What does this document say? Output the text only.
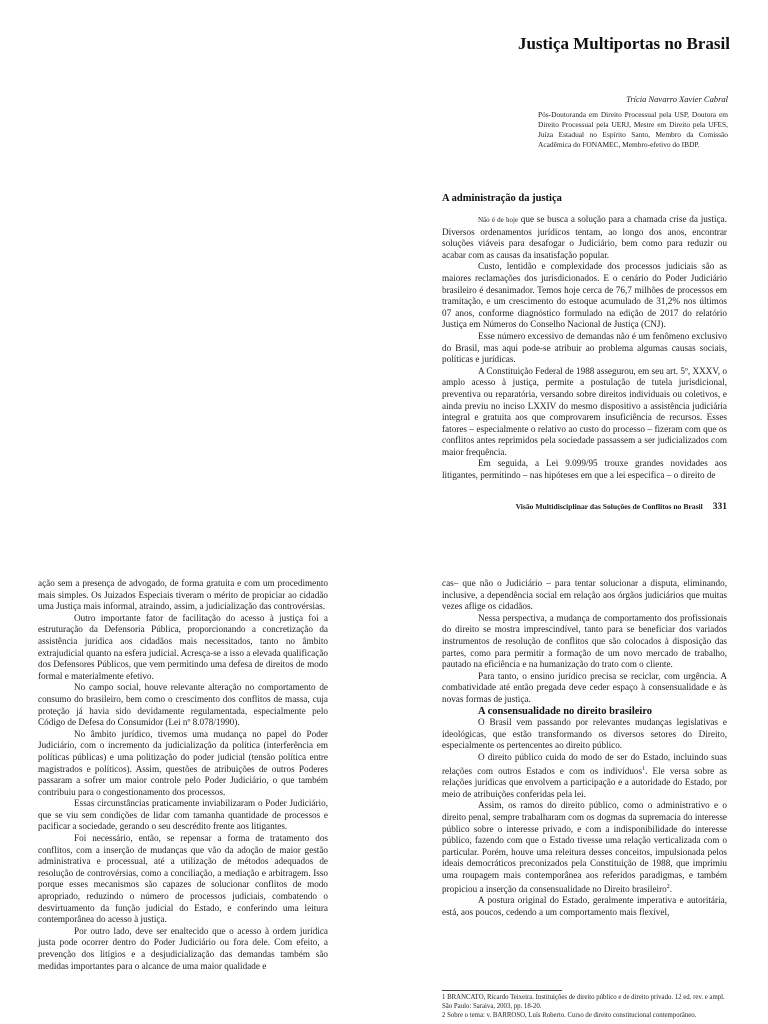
Justiça Multiportas no Brasil
Trícia Navarro Xavier Cabral
Pós-Doutoranda em Direito Processual pela USP, Doutora em Direito Processual pela UERJ, Mestre em Direito pela UFES, Juíza Estadual no Espírito Santo, Membro da Comissão Acadêmica do FONAMEC, Membro-efetivo do IBDP.
A administração da justiça

Não é de hoje que se busca a solução para a chamada crise da justiça. Diversos ordenamentos jurídicos tentam, ao longo dos anos, encontrar soluções viáveis para desafogar o Judiciário, bem como para reduzir ou acabar com as causas da insatisfação popular.

Custo, lentidão e complexidade dos processos judiciais são as maiores reclamações dos jurisdicionados. E o cenário do Poder Judiciário brasileiro é desanimador. Temos hoje cerca de 76,7 milhões de processos em tramitação, e um crescimento do estoque acumulado de 31,2% nos últimos 07 anos, conforme diagnóstico formulado na edição de 2017 do relatório Justiça em Números do Conselho Nacional de Justiça (CNJ).

Esse número excessivo de demandas não é um fenômeno exclusivo do Brasil, mas aqui pode-se atribuir ao problema algumas causas sociais, políticas e jurídicas.

A Constituição Federal de 1988 assegurou, em seu art. 5º, XXXV, o amplo acesso à justiça, permite a postulação de tutela jurisdicional, preventiva ou reparatória, versando sobre direitos individuais ou coletivos, e ainda previu no inciso LXXIV do mesmo dispositivo a assistência judiciária integral e gratuita aos que comprovarem insuficiência de recursos. Esses fatores – especialmente o relativo ao custo do processo – fizeram com que os conflitos antes reprimidos pela sociedade passassem a ser judicializados com maior frequência.

Em seguida, a Lei 9.099/95 trouxe grandes novidades aos litigantes, permitindo – nas hipóteses em que a lei especifica – o direito de

Visão Multidisciplinar das Soluções de Conflitos no Brasil 331

ação sem a presença de advogado, de forma gratuita e com um procedimento mais simples. Os Juizados Especiais tiveram o mérito de propiciar ao cidadão uma Justiça mais informal, atraindo, assim, a judicialização das controvérsias.

Outro importante fator de facilitação do acesso à justiça foi a estruturação da Defensoria Pública, proporcionando a concretização da assistência jurídica aos cidadãos mais necessitados, tanto no âmbito extrajudicial quanto na esfera judicial. Acresça-se a isso a elevada qualificação dos Defensores Públicos, que vem permitindo uma defesa de direitos de modo formal e materialmente efetivo.

No campo social, houve relevante alteração no comportamento de consumo do brasileiro, bem como o crescimento dos conflitos de massa, cuja proteção já havia sido devidamente regulamentada, especialmente pelo Código de Defesa do Consumidor (Lei nº 8.078/1990).

No âmbito jurídico, tivemos uma mudança no papel do Poder Judiciário, com o incremento da judicialização da política (interferência em políticas públicas) e uma politização do poder judicial (tensão política entre magistrados e políticos). Assim, questões de atribuições de outros Poderes passaram a sofrer um maior controle pelo Poder Judiciário, o que também contribuiu para o congestionamento dos processos.

Essas circunstâncias praticamente inviabilizaram o Poder Judiciário, que se viu sem condições de lidar com tamanha quantidade de processos e pacificar a sociedade, gerando o seu descrédito frente aos litigantes.

Foi necessário, então, se repensar a forma de tratamento dos conflitos, com a inserção de mudanças que vão da adoção de maior gestão administrativa e processual, até a utilização de métodos adequados de resolução de controvérsias, como a conciliação, a mediação e arbitragem. Isso porque esses mecanismos são capazes de solucionar conflitos de modo apropriado, reduzindo o número de processos judiciais, combatendo o desvirtuamento da função judicial do Estado, e conferindo uma leitura contemporânea do acesso à justiça.

Por outro lado, deve ser enaltecido que o acesso à ordem jurídica justa pode ocorrer dentro do Poder Judiciário ou fora dele. Com efeito, a prevenção dos litígios e a desjudicialização das demandas também são medidas importantes para o alcance de uma maior qualidade e

cas– que não o Judiciário – para tentar solucionar a disputa, eliminando, inclusive, a dependência social em relação aos órgãos judiciários que muitas vezes aflige os cidadãos.

Nessa perspectiva, a mudança de comportamento dos profissionais do direito se mostra imprescindível, tanto para se beneficiar dos variados instrumentos de resolução de conflitos que são colocados à disposição das partes, como para permitir a formação de um novo mercado de trabalho, pautado na eficiência e na humanização do trato com o cliente.

Para tanto, o ensino jurídico precisa se reciclar, com urgência. A combatividade até então pregada deve ceder espaço à consensualidade e às novas formas de justiça.

A consensualidade no direito brasileiro

O Brasil vem passando por relevantes mudanças legislativas e ideológicas, que estão transformando os diversos setores do Direito, especialmente os pertencentes ao direito público.

O direito público cuida do modo de ser do Estado, incluindo suas relações com outros Estados e com os indivíduos$^1$. Ele versa sobre as relações jurídicas que envolvem a participação e a autoridade do Estado, por meio de atribuições conferidas pela lei.

Assim, os ramos do direito público, como o administrativo e o direito penal, sempre trabalharam com os dogmas da supremacia do interesse público sobre o interesse privado, e com a indisponibilidade do interesse público, fazendo com que o Estado tivesse uma relação verticalizada com o particular. Porém, houve uma releitura desses conceitos, impulsionada pelos ideais democráticos preconizados pela Constituição de 1988, que imprimiu uma roupagem mais contemporânea aos referidos paradigmas, e também propiciou a inserção da consensualidade no Direito brasileiro$^2$.

A postura original do Estado, geralmente imperativa e autoritária, está, aos poucos, cedendo a um comportamento mais flexível,

1 BRANCATO, Ricardo Teixeira. Instituições de direito público e de direito privado. 12 ed. rev. e ampl. São Paulo: Saraiva, 2003, pp. 18-20.
2 Sobre o tema: v. BARROSO, Luís Roberto. Curso de direito constitucional contemporâneo.
